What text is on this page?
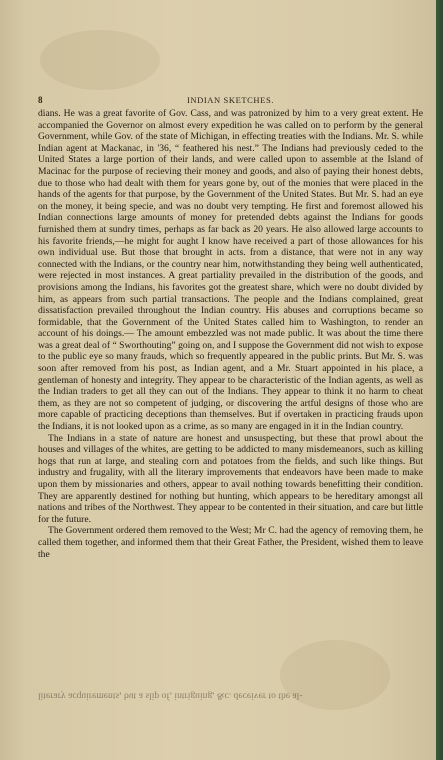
8	INDIAN SKETCHES.

dians. He was a great favorite of Gov. Cass, and was patronized by him to a very great extent. He accompanied the Governor on almost every expedition he was called on to perform by the general Government, while Gov. of the state of Michigan, in effecting treaties with the Indians. Mr. S. while Indian agent at Mackanac, in '36, “ feathered his nest.” The Indians had previously ceded to the United States a large portion of their lands, and were called upon to assemble at the Island of Macinac for the purpose of recieving their money and goods, and also of paying their honest debts, due to those who had dealt with them for years gone by, out of the monies that were placed in the hands of the agents for that purpose, by the Government of the United States. But Mr. S. had an eye on the money, it being specie, and was no doubt very tempting. He first and foremost allowed his Indian connections large amounts of money for pretended debts against the Indians for goods furnished them at sundry times, perhaps as far back as 20 years. He also allowed large accounts to his favorite friends,—he might for aught I know have received a part of those allowances for his own individual use. But those that brought in acts. from a distance, that were not in any way connected with the Indians, or the country near him, notwithstanding they being well authenticated, were rejected in most instances. A great partiality prevailed in the distribution of the goods, and provisions among the Indians, his favorites got the greatest share, which were no doubt divided by him, as appears from such partial transactions. The people and the Indians complained, great dissatisfaction prevailed throughout the Indian country. His abuses and corruptions became so formidable, that the Government of the United States called him to Washington, to render an account of his doings.— The amount embezzled was not made public. It was about the time there was a great deal of “ Sworthouting” going on, and I suppose the Government did not wish to expose to the public eye so many frauds, which so frequently appeared in the public prints. But Mr. S. was soon after removed from his post, as Indian agent, and a Mr. Stuart appointed in his place, a gentleman of honesty and integrity. They appear to be characteristic of the Indian agents, as well as the Indian traders to get all they can out of the Indians. They appear to think it no harm to cheat them, as they are not so competent of judging, or discovering the artful designs of those who are more capable of practicing deceptions than themselves. But if overtaken in practicing frauds upon the Indians, it is not looked upon as a crime, as so many are engaged in it in the Indian country.

The Indians in a state of nature are honest and unsuspecting, but these that prowl about the houses and villages of the whites, are getting to be addicted to many misdemeanors, such as killing hogs that run at large, and stealing corn and potatoes from the fields, and such like things. But industry and frugality, with all the literary improvements that endeavors have been made to make upon them by missionaries and others, appear to avail nothing towards benefitting their condition. They are apparently destined for nothing but hunting, which appears to be hereditary amongst all nations and tribes of the Northwest. They appear to be contented in their situation, and care but little for the future.

The Government ordered them removed to the West; Mr C. had the agency of removing them, he called them together, and informed them that their Great Father, the President, wished them to leave the

literary acquirements, but a slip of, intriguing, &c. deceiver to the al-
